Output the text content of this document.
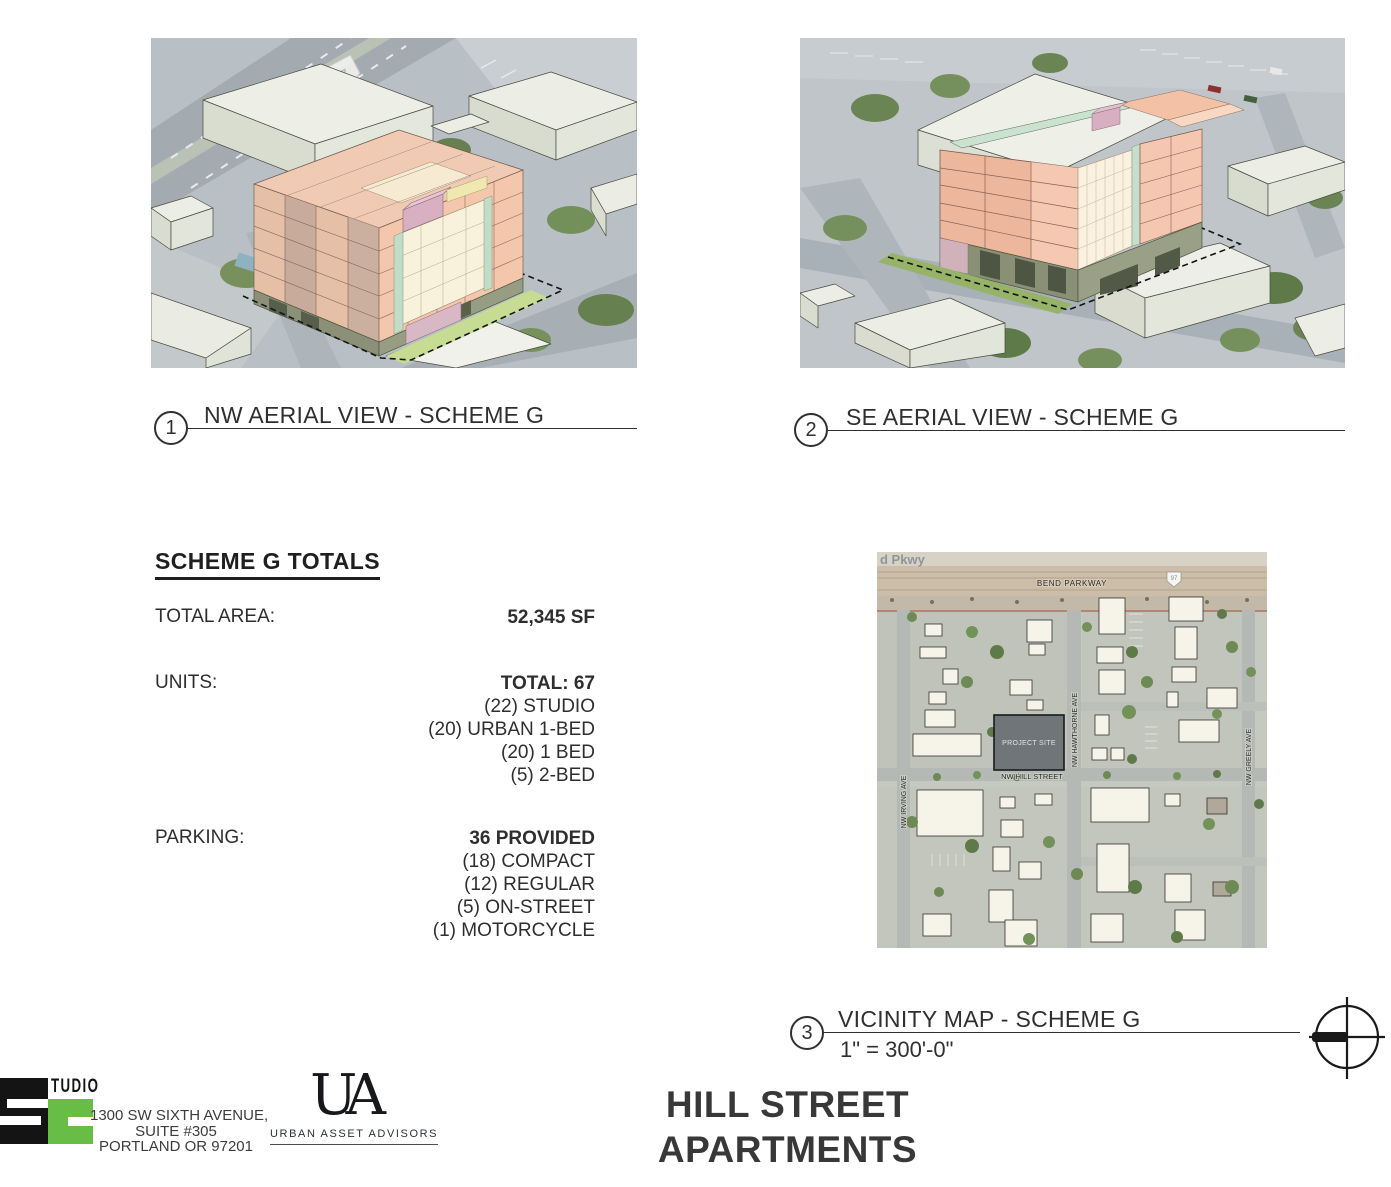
1 NW AERIAL VIEW - SCHEME G
2 SE AERIAL VIEW - SCHEME G
SCHEME G TOTALS
TOTAL AREA:	52,345 SF
UNITS:	TOTAL: 67
(22) STUDIO
(20) URBAN 1-BED
(20) 1 BED
(5) 2-BED
PARKING:	36 PROVIDED
(18) COMPACT
(12) REGULAR
(5) ON-STREET
(1) MOTORCYCLE
PROJECT SITE
d Pkwy
BEND PARKWAY
NW HILL STREET
NW IRVING AVE
NW HAWTHORNE AVE	NW GREELY AVE
97
3
VICINITY MAP - SCHEME G
1" = 300'-0"
TUDIO
1300 SW SIXTH AVENUE,
SUITE #305
PORTLAND OR 97201
UA
URBAN ASSET ADVISORS
HILL STREET
APARTMENTS
